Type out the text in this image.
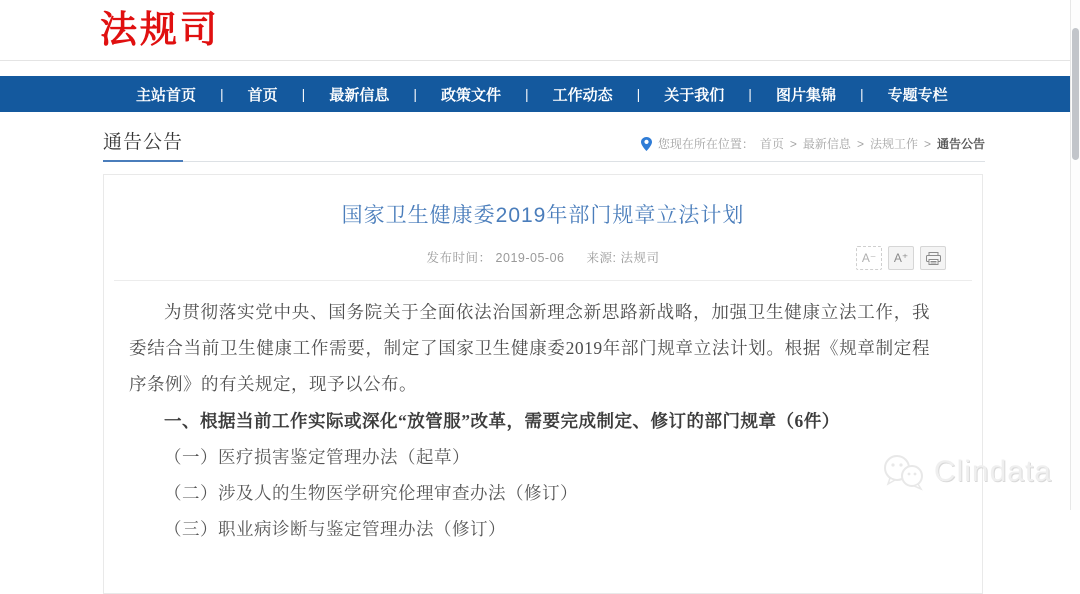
法规司
主站首页	|	首页	|	最新信息	|	政策文件	|	工作动态	|	关于我们	|	图片集锦	|	专题专栏
通告公告	您现在所在位置： 首页 > 最新信息 > 法规工作 > 通告公告
国家卫生健康委2019年部门规章立法计划
发布时间： 2019-05-06 来源: 法规司	A⁻	A⁺

为贯彻落实党中央、国务院关于全面依法治国新理念新思路新战略，加强卫生健康立法工作，我委结合当前卫生健康工作需要，制定了国家卫生健康委2019年部门规章立法计划。根据《规章制定程序条例》的有关规定，现予以公布。

一、根据当前工作实际或深化“放管服”改革，需要完成制定、修订的部门规章（6件）

（一）医疗损害鉴定管理办法（起草）

（二）涉及人的生物医学研究伦理审查办法（修订）

（三）职业病诊断与鉴定管理办法（修订）

Clindata
